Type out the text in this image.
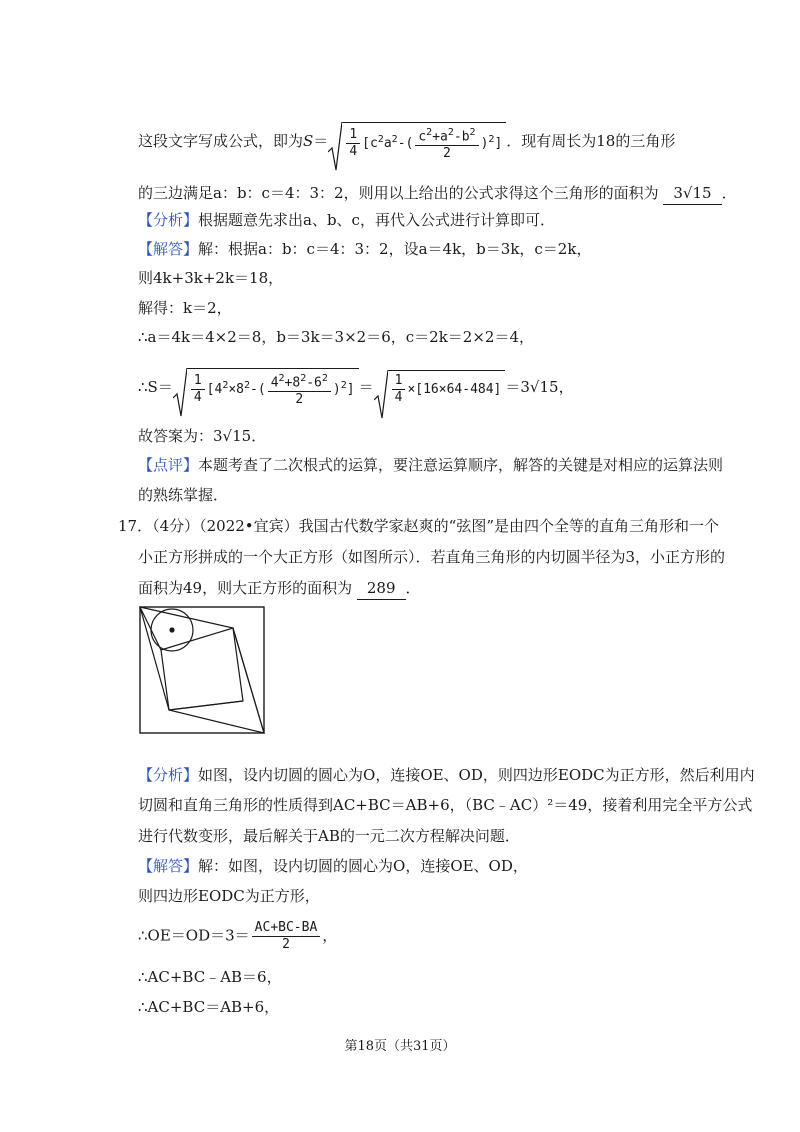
这段文字写成公式，即为$S= \frac{1}{4} [c^2a^2-( \frac{c^2+a^2-b^2}{2} )^2]$ ．现有周长为18的三角形
的三边满足a：b：c＝4：3：2，则用以上给出的公式求得这个三角形的面积为 3√15 ．
【分析】根据题意先求出a、b、c，再代入公式进行计算即可．
【解答】解：根据a：b：c＝4：3：2，设a＝4k，b＝3k，c＝2k，
则4k+3k+2k＝18，
解得：k＝2，
∴a＝4k＝4×2＝8，b＝3k＝3×2＝6，c＝2k＝2×2＝4，
∴S＝ $\frac{1}{4} [4^2\times 8^2-( \frac{4^2+8^2-6^2}{2} )^2] = \frac{1}{4} \times[16\times 64-484] =3√15$，
故答案为：3√15．
【点评】本题考查了二次根式的运算，要注意运算顺序，解答的关键是对相应的运算法则
的熟练掌握．
17．（4分）（2022•宜宾）我国古代数学家赵爽的“弦图”是由四个全等的直角三角形和一个
小正方形拼成的一个大正方形（如图所示）．若直角三角形的内切圆半径为3，小正方形的
面积为49，则大正方形的面积为 289 ．
【分析】如图，设内切圆的圆心为O，连接OE、OD，则四边形EODC为正方形，然后利用内
切圆和直角三角形的性质得到AC+BC＝AB+6，（BC﹣AC）²＝49，接着利用完全平方公式
进行代数变形，最后解关于AB的一元二次方程解决问题．
【解答】解：如图，设内切圆的圆心为O，连接OE、OD，
则四边形EODC为正方形，
∴OE＝OD＝3＝ $\frac{AC+BC-BA}{2}$ ，
∴AC+BC﹣AB＝6，
∴AC+BC＝AB+6，
第18页（共31页）
